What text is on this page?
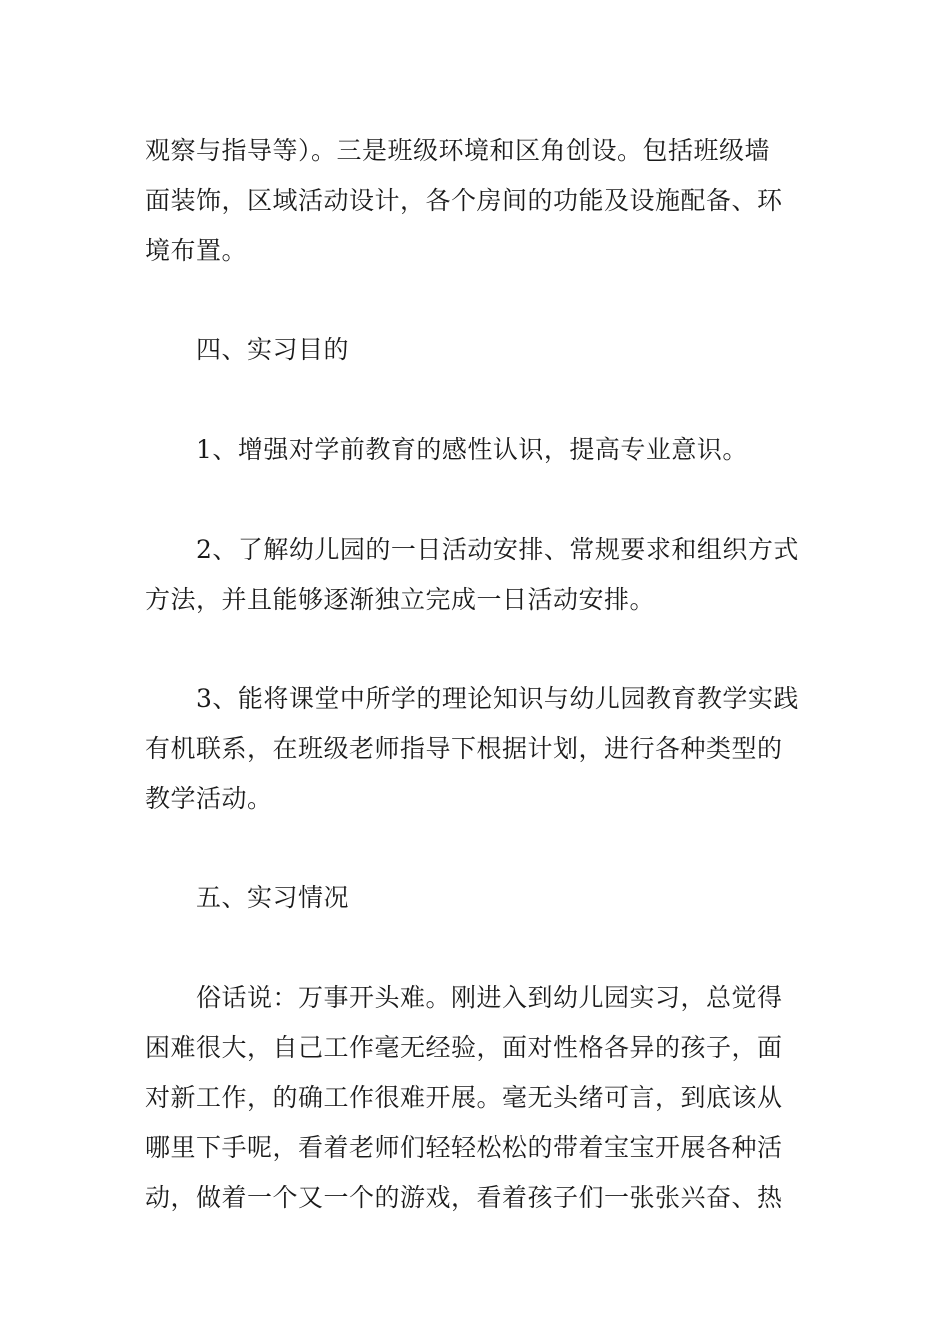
观察与指导等）。三是班级环境和区角创设。包括班级墙
面装饰，区域活动设计，各个房间的功能及设施配备、环
境布置。
四、实习目的
1、增强对学前教育的感性认识，提高专业意识。
2、了解幼儿园的一日活动安排、常规要求和组织方式
方法，并且能够逐渐独立完成一日活动安排。
3、能将课堂中所学的理论知识与幼儿园教育教学实践
有机联系，在班级老师指导下根据计划，进行各种类型的
教学活动。
五、实习情况
俗话说：万事开头难。刚进入到幼儿园实习，总觉得
困难很大，自己工作毫无经验，面对性格各异的孩子，面
对新工作，的确工作很难开展。毫无头绪可言，到底该从
哪里下手呢，看着老师们轻轻松松的带着宝宝开展各种活
动，做着一个又一个的游戏，看着孩子们一张张兴奋、热
